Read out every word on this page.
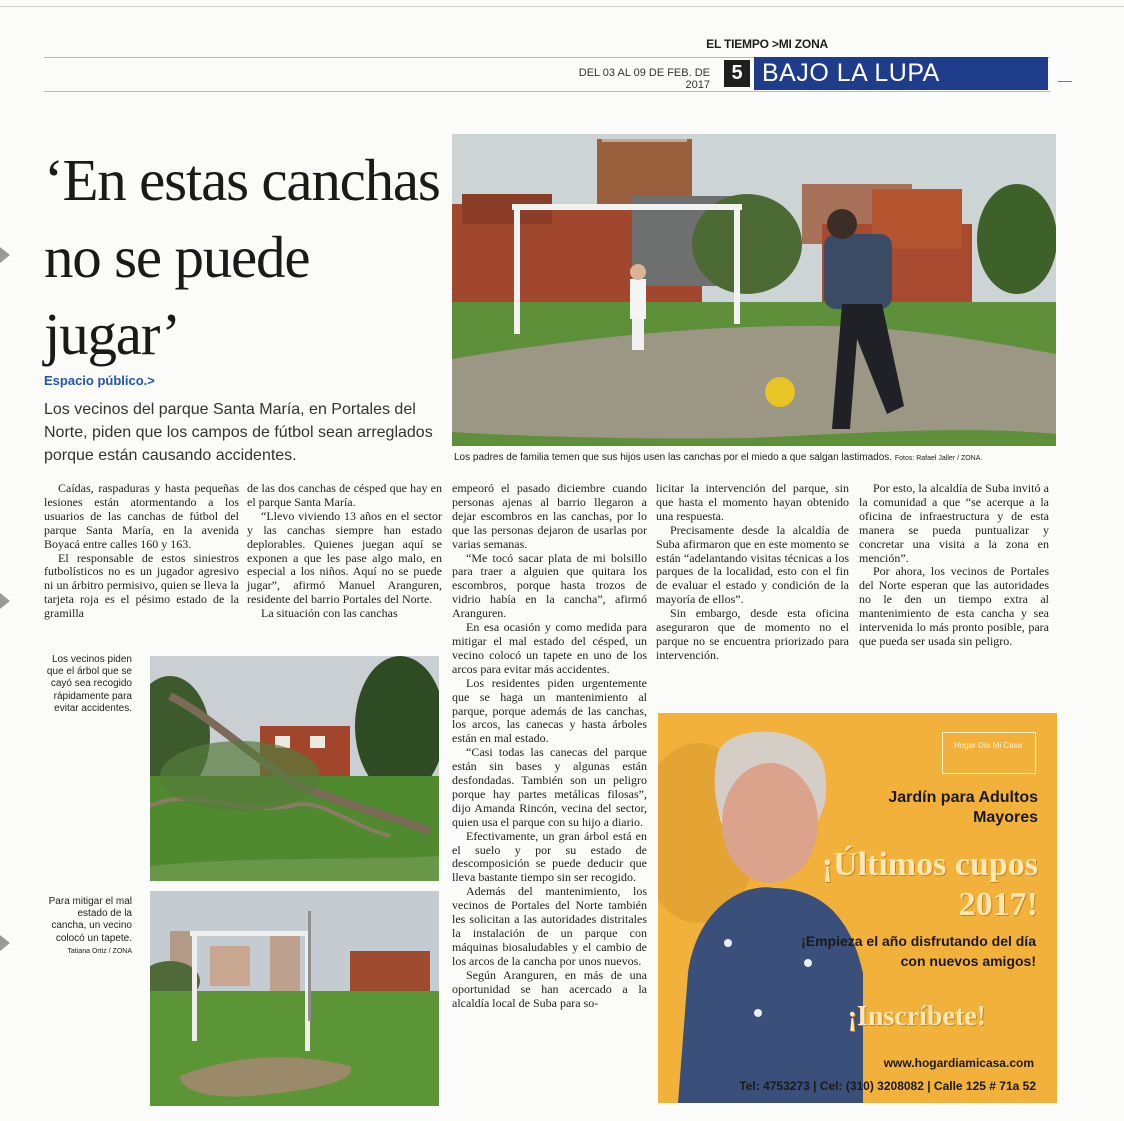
EL TIEMPO >MI ZONA
DEL 03 AL 09 DE FEB. DE 2017
5 BAJO LA LUPA
‘En estas canchas no se puede jugar’
Espacio público.>
Los vecinos del parque Santa María, en Portales del Norte, piden que los campos de fútbol sean arreglados porque están causando accidentes.	Los padres de familia temen que sus hijos usen las canchas por el miedo a que salgan lastimados. Fotos: Rafael Jaller / ZONA.

Caídas, raspaduras y hasta pequeñas lesiones están atormentando a los usuarios de las canchas de fútbol del parque Santa María, en la avenida Boyacá entre calles 160 y 163.

El responsable de estos siniestros futbolísticos no es un jugador agresivo ni un árbitro permisivo, quien se lleva la tarjeta roja es el pésimo estado de la gramilla

de las dos canchas de césped que hay en el parque Santa María.

“Llevo viviendo 13 años en el sector y las canchas siempre han estado deplorables. Quienes juegan aquí se exponen a que les pase algo malo, en especial a los niños. Aquí no se puede jugar”, afirmó Manuel Aranguren, residente del barrio Portales del Norte.

La situación con las canchas

empeoró el pasado diciembre cuando personas ajenas al barrio llegaron a dejar escombros en las canchas, por lo que las personas dejaron de usarlas por varias semanas.

“Me tocó sacar plata de mi bolsillo para traer a alguien que quitara los escombros, porque hasta trozos de vidrio había en la cancha”, afirmó Aranguren.

En esa ocasión y como medida para mitigar el mal estado del césped, un vecino colocó un tapete en uno de los arcos para evitar más accidentes.

Los residentes piden urgentemente que se haga un mantenimiento al parque, porque además de las canchas, los arcos, las canecas y hasta árboles están en mal estado.

“Casi todas las canecas del parque están sin bases y algunas están desfondadas. También son un peligro porque hay partes metálicas filosas”, dijo Amanda Rincón, vecina del sector, quien usa el parque con su hijo a diario.

Efectivamente, un gran árbol está en el suelo y por su estado de descomposición se puede deducir que lleva bastante tiempo sin ser recogido.

Además del mantenimiento, los vecinos de Portales del Norte también les solicitan a las autoridades distritales la instalación de un parque con máquinas biosaludables y el cambio de los arcos de la cancha por unos nuevos.

Según Aranguren, en más de una oportunidad se han acercado a la alcaldía local de Suba para so-

licitar la intervención del parque, sin que hasta el momento hayan obtenido una respuesta.

Precisamente desde la alcaldía de Suba afirmaron que en este momento se están “adelantando visitas técnicas a los parques de la localidad, esto con el fin de evaluar el estado y condición de la mayoría de ellos”.

Sin embargo, desde esta oficina aseguraron que de momento no el parque no se encuentra priorizado para intervención.

Por esto, la alcaldía de Suba invitó a la comunidad a que “se acerque a la oficina de infraestructura y de esta manera se pueda puntualizar y concretar una visita a la zona en mención”.

Por ahora, los vecinos de Portales del Norte esperan que las autoridades no le den un tiempo extra al mantenimiento de esta cancha y sea intervenida lo más pronto posible, para que pueda ser usada sin peligro.

Los vecinos piden que el árbol que se cayó sea recogido rápidamente para evitar accidentes.
Para mitigar el mal estado de la cancha, un vecino colocó un tapete. Tatiana Ortiz / ZONA
Hogar Día Mi Casa
Jardín para Adultos Mayores
¡Últimos cupos 2017!
¡Empieza el año disfrutando del día con nuevos amigos!
¡Inscríbete!
www.hogardiamicasa.com
Tel: 4753273 | Cel: (310) 3208082 | Calle 125 # 71a 52
